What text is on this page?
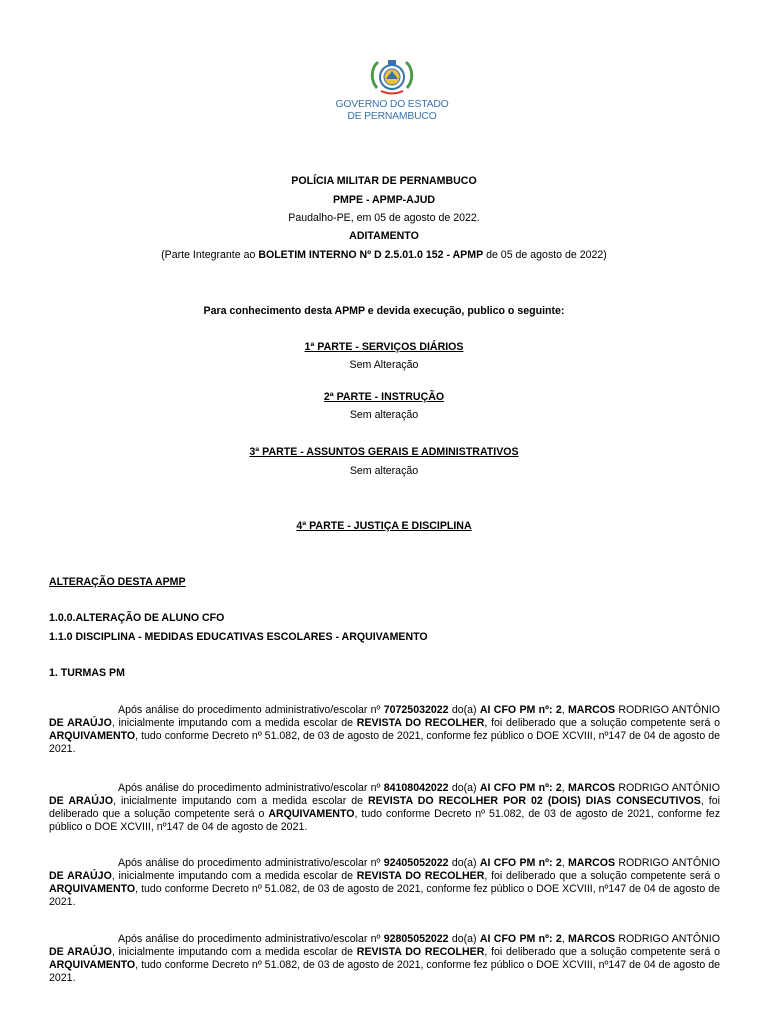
GOVERNO DO ESTADO
DE PERNAMBUCO
POLÍCIA MILITAR DE PERNAMBUCO
PMPE - APMP-AJUD
Paudalho-PE, em 05 de agosto de 2022.
ADITAMENTO
(Parte Integrante ao BOLETIM INTERNO Nº D 2.5.01.0 152 - APMP de 05 de agosto de 2022)
Para conhecimento desta APMP e devida execução, publico o seguinte:
1ª PARTE - SERVIÇOS DIÁRIOS
Sem Alteração
2ª PARTE - INSTRUÇÃO
Sem alteração
3ª PARTE - ASSUNTOS GERAIS E ADMINISTRATIVOS
Sem alteração
4ª PARTE - JUSTIÇA E DISCIPLINA
ALTERAÇÃO DESTA APMP
1.0.0.ALTERAÇÃO DE ALUNO CFO
1.1.0 DISCIPLINA - MEDIDAS EDUCATIVAS ESCOLARES - ARQUIVAMENTO
1. TURMAS PM
Após análise do procedimento administrativo/escolar nº 70725032022 do(a) AI CFO PM nº: 2, MARCOS RODRIGO ANTÔNIO DE ARAÚJO, inicialmente imputando com a medida escolar de REVISTA DO RECOLHER, foi deliberado que a solução competente será o ARQUIVAMENTO, tudo conforme Decreto nº 51.082, de 03 de agosto de 2021, conforme fez público o DOE XCVIII, nº147 de 04 de agosto de 2021.
Após análise do procedimento administrativo/escolar nº 84108042022 do(a) AI CFO PM nº: 2, MARCOS RODRIGO ANTÔNIO DE ARAÚJO, inicialmente imputando com a medida escolar de REVISTA DO RECOLHER POR 02 (DOIS) DIAS CONSECUTIVOS, foi deliberado que a solução competente será o ARQUIVAMENTO, tudo conforme Decreto nº 51.082, de 03 de agosto de 2021, conforme fez público o DOE XCVIII, nº147 de 04 de agosto de 2021.
Após análise do procedimento administrativo/escolar nº 92405052022 do(a) AI CFO PM nº: 2, MARCOS RODRIGO ANTÔNIO DE ARAÚJO, inicialmente imputando com a medida escolar de REVISTA DO RECOLHER, foi deliberado que a solução competente será o ARQUIVAMENTO, tudo conforme Decreto nº 51.082, de 03 de agosto de 2021, conforme fez público o DOE XCVIII, nº147 de 04 de agosto de 2021.
Após análise do procedimento administrativo/escolar nº 92805052022 do(a) AI CFO PM nº: 2, MARCOS RODRIGO ANTÔNIO DE ARAÚJO, inicialmente imputando com a medida escolar de REVISTA DO RECOLHER, foi deliberado que a solução competente será o ARQUIVAMENTO, tudo conforme Decreto nº 51.082, de 03 de agosto de 2021, conforme fez público o DOE XCVIII, nº147 de 04 de agosto de 2021.
